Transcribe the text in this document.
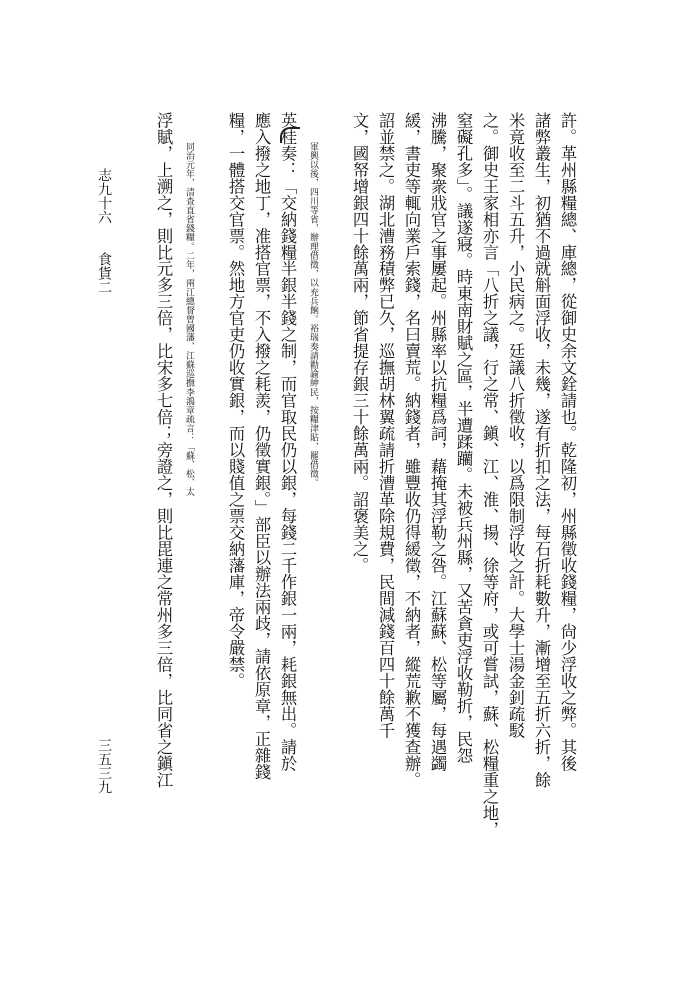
志九十六
食貨二
三五三九	許。革州縣糧總、庫總，從御史余文銓請也。乾隆初，州縣徵收錢糧，尙少浮收之弊。其後
諸弊叢生，初猶不過就斛面浮收，未幾，遂有折扣之法，每石折耗數升，漸增至五折六折，餘
米竟收至二斗五升，小民病之。廷議八折徵收，以爲限制浮收之計。大學士湯金釗疏駁
之。御史王家相亦言「八折之議，行之常、鎭、江、淮、揚、徐等府，或可嘗試，蘇、松糧重之地，
窒礙孔多」。議遂寢。時東南財賦之區，半遭蹂躪。未被兵州縣，又苦貪吏浮收勒折，民怨
沸騰，聚衆戕官之事屢起。州縣率以抗糧爲詞，藉掩其浮勒之咎。江蘇蘇、松等屬，每遇蠲
緩，書吏等輒向業戶索錢，名曰賣荒。納錢者，雖豐收仍得緩徵，不納者，縱荒歉不獲查辦。
詔並禁之。湖北漕務積弊已久，巡撫胡林翼疏請折漕革除規費，民間減錢百四十餘萬千
文，國帑增銀四十餘萬兩，節省提存銀三十餘萬兩。詔褒美之。
軍興以後，四川等省，辦理借徵，以充兵餉。裕瑞奏請勸諭紳民，按糧津貼，罷借徵。
英桂奏：「交納錢糧半銀半錢之制，而官取民仍以銀，每錢二千作銀一兩，耗銀無出。請於
應入撥之地丁，准搭官票，不入撥之耗羨，仍徵實銀。」部臣以辦法兩歧，請依原章，正雜錢
糧，一體搭交官票。然地方官吏仍收實銀，而以賤值之票交納藩庫，帝令嚴禁。
同治元年，清查直省錢糧。二年，兩江總督曾國藩、江蘇巡撫李鴻章疏言：「蘇、松、太
浮賦，上溯之，則比元多三倍，比宋多七倍；旁證之，則比毘連之常州多三倍，比同省之鎭江
